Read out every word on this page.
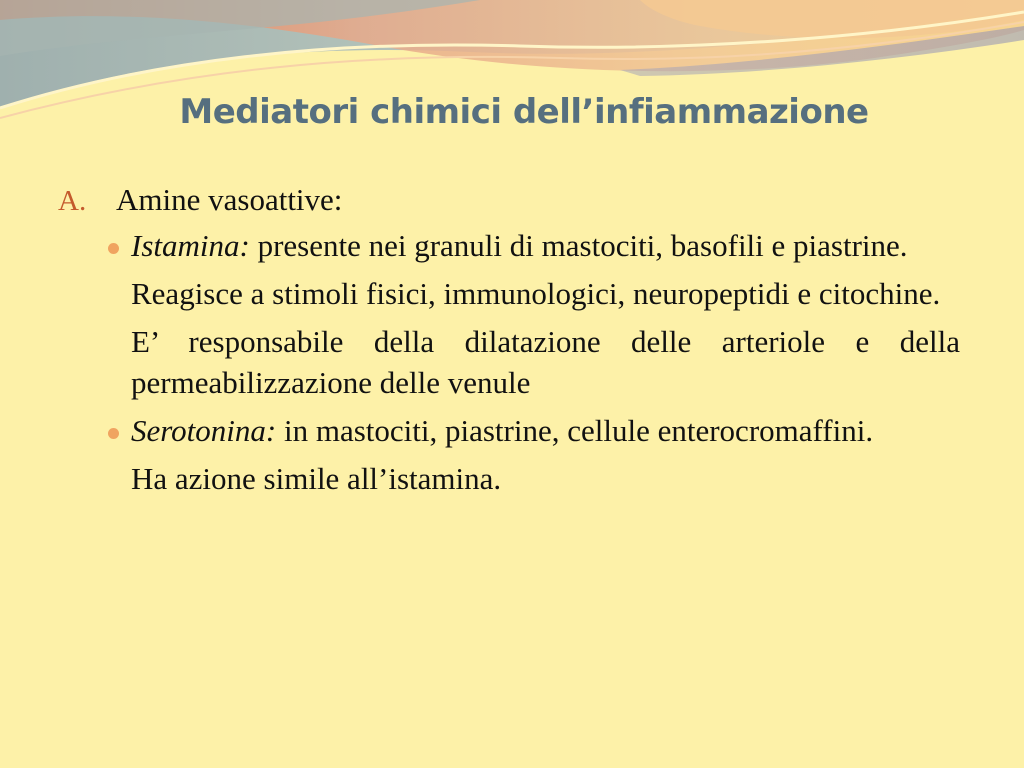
Mediatori chimici dell’infiammazione
A. Amine vasoattive:

Istamina: presente nei granuli di mastociti, basofili e piastrine.

Reagisce a stimoli fisici, immunologici, neuropeptidi e citochine.

E’ responsabile della dilatazione delle arteriole e della permeabilizzazione delle venule

Serotonina: in mastociti, piastrine, cellule enterocromaffini.

Ha azione simile all’istamina.
